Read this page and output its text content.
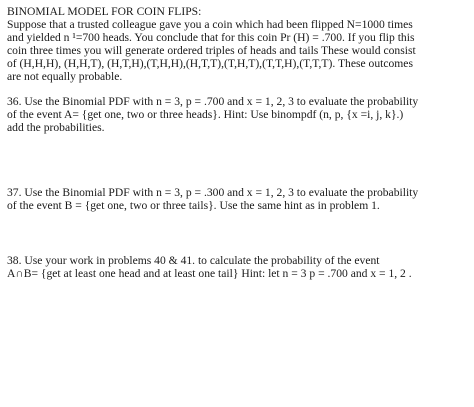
BINOMIAL MODEL FOR COIN FLIPS:
Suppose that a trusted colleague gave you a coin which had been flipped N=1000 times
and yielded n ¹=700 heads. You conclude that for this coin Pr (H) = .700. If you flip this
coin three times you will generate ordered triples of heads and tails These would consist
of (H,H,H), (H,H,T), (H,T,H),(T,H,H),(H,T,T),(T,H,T),(T,T,H),(T,T,T). These outcomes
are not equally probable.
36. Use the Binomial PDF with n = 3, p = .700 and x = 1, 2, 3 to evaluate the probability
of the event A= {get one, two or three heads}. Hint: Use binompdf (n, p, {x =i, j, k}.)
add the probabilities.
37. Use the Binomial PDF with n = 3, p = .300 and x = 1, 2, 3 to evaluate the probability
of the event B = {get one, two or three tails}. Use the same hint as in problem 1.
38. Use your work in problems 40 & 41. to calculate the probability of the event
A∩B= {get at least one head and at least one tail} Hint: let n = 3 p = .700 and x = 1, 2 .
